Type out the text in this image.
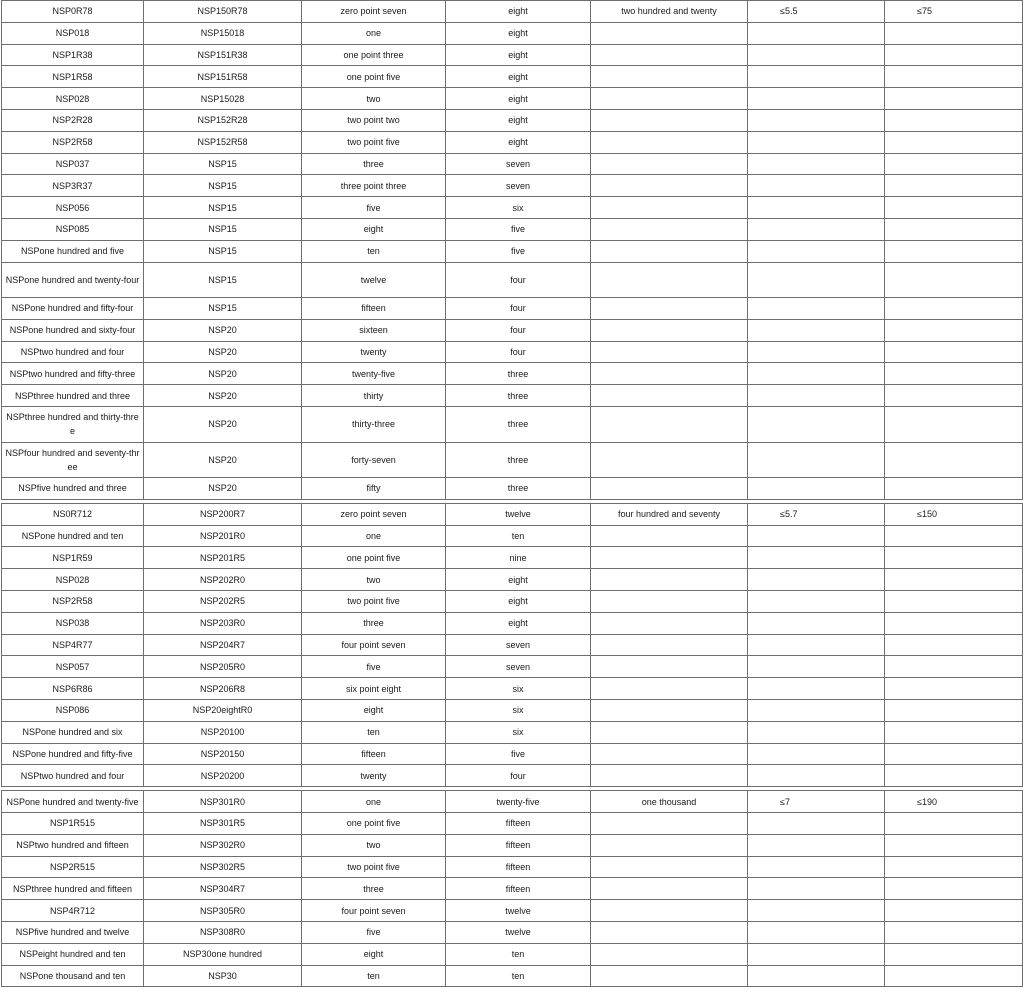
NSP0R78	NSP150R78	zero point seven	eight	two hundred and twenty	≤5.5	≤75
NSP018	NSP15018	one	eight			
NSP1R38	NSP151R38	one point three	eight			
NSP1R58	NSP151R58	one point five	eight			
NSP028	NSP15028	two	eight			
NSP2R28	NSP152R28	two point two	eight			
NSP2R58	NSP152R58	two point five	eight			
NSP037	NSP15	three	seven			
NSP3R37	NSP15	three point three	seven			
NSP056	NSP15	five	six			
NSP085	NSP15	eight	five			
NSPone hundred and five	NSP15	ten	five			
NSPone hundred and twenty-four	NSP15	twelve	four			
NSPone hundred and fifty-four	NSP15	fifteen	four			
NSPone hundred and sixty-four	NSP20	sixteen	four			
NSPtwo hundred and four	NSP20	twenty	four			
NSPtwo hundred and fifty-three	NSP20	twenty-five	three			
NSPthree hundred and three	NSP20	thirty	three			
NSPthree hundred and thirty-three	NSP20	thirty-three	three			
NSPfour hundred and seventy-three	NSP20	forty-seven	three			
NSPfive hundred and three	NSP20	fifty	three			

NS0R712	NSP200R7	zero point seven	twelve	four hundred and seventy	≤5.7	≤150
NSPone hundred and ten	NSP201R0	one	ten			
NSP1R59	NSP201R5	one point five	nine			
NSP028	NSP202R0	two	eight			
NSP2R58	NSP202R5	two point five	eight			
NSP038	NSP203R0	three	eight			
NSP4R77	NSP204R7	four point seven	seven			
NSP057	NSP205R0	five	seven			
NSP6R86	NSP206R8	six point eight	six			
NSP086	NSP20eightR0	eight	six			
NSPone hundred and six	NSP20100	ten	six			
NSPone hundred and fifty-five	NSP20150	fifteen	five			
NSPtwo hundred and four	NSP20200	twenty	four			

NSPone hundred and twenty-five	NSP301R0	one	twenty-five	one thousand	≤7	≤190
NSP1R515	NSP301R5	one point five	fifteen			
NSPtwo hundred and fifteen	NSP302R0	two	fifteen			
NSP2R515	NSP302R5	two point five	fifteen			
NSPthree hundred and fifteen	NSP304R7	three	fifteen			
NSP4R712	NSP305R0	four point seven	twelve			
NSPfive hundred and twelve	NSP308R0	five	twelve			
NSPeight hundred and ten	NSP30one hundred	eight	ten			
NSPone thousand and ten	NSP30	ten	ten			
